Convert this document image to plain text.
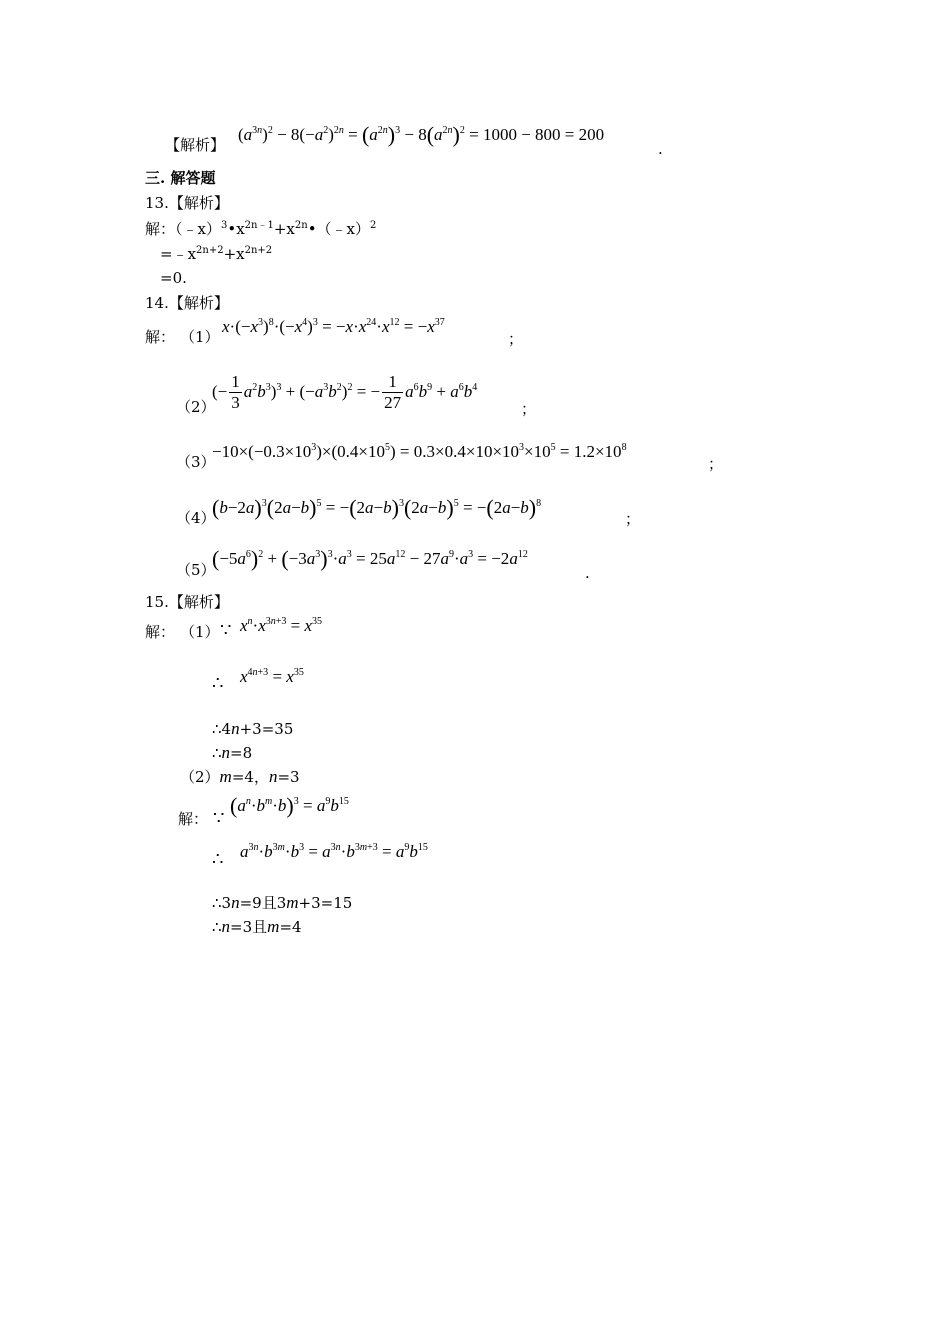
【解析】
$(a^{3n})^2 - 8(-a^2)^{2n} = (a^{2n})^3 - 8(a^{2n})^2 = 1000 - 800 = 200$
.
三. 解答题
13.【解析】
解：$(﹣x)^3•x^{2n﹣1}+x^{2n}•(﹣x)^2$
$=﹣x^{2n+2}+x^{2n+2}$
=0.
14.【解析】
解： （1）
$x\cdot(-x^3)^8\cdot(-x^4)^3 = -x\cdot x^{24}\cdot x^{12} = -x^{37}$
；
（2）
(− $\frac{1}{3} a^2b^3)^3 + (-a^3b^2)^2$ = − $\frac{1}{27} a^6b^9 + a^6b^4$
；
（3）
$-10\times(-0.3\times 10^3)\times(0.4\times 10^5) = 0.3\times 0.4\times 10\times 10^3\times 10^5 = 1.2\times 10^8$
；
（4）
$(b-2a)^3(2a-b)^5 = -(2a-b)^3(2a-b)^5 = -(2a-b)^8$
；
（5）
$(-5a^6)^2 + (-3a^3)^3\cdot a^3 = 25a^{12} - 27a^9\cdot a^3 = -2a^{12}$
.
15.【解析】
解： （1） ∵ $x^n\cdot x^{3n+3} = x^{35}$
∴ $x^{4n+3} = x^{35}$
∴4n+3=35
∴n=8
（2）m=4，n=3
解： ∵
$(a^n\cdot b^m\cdot b)^3 = a^9b^{15}$
∴ $a^{3n}\cdot b^{3m}\cdot b^3 = a^{3n}\cdot b^{3m+3} = a^9b^{15}$
∴3n=9且3m+3=15
∴n=3且m=4
